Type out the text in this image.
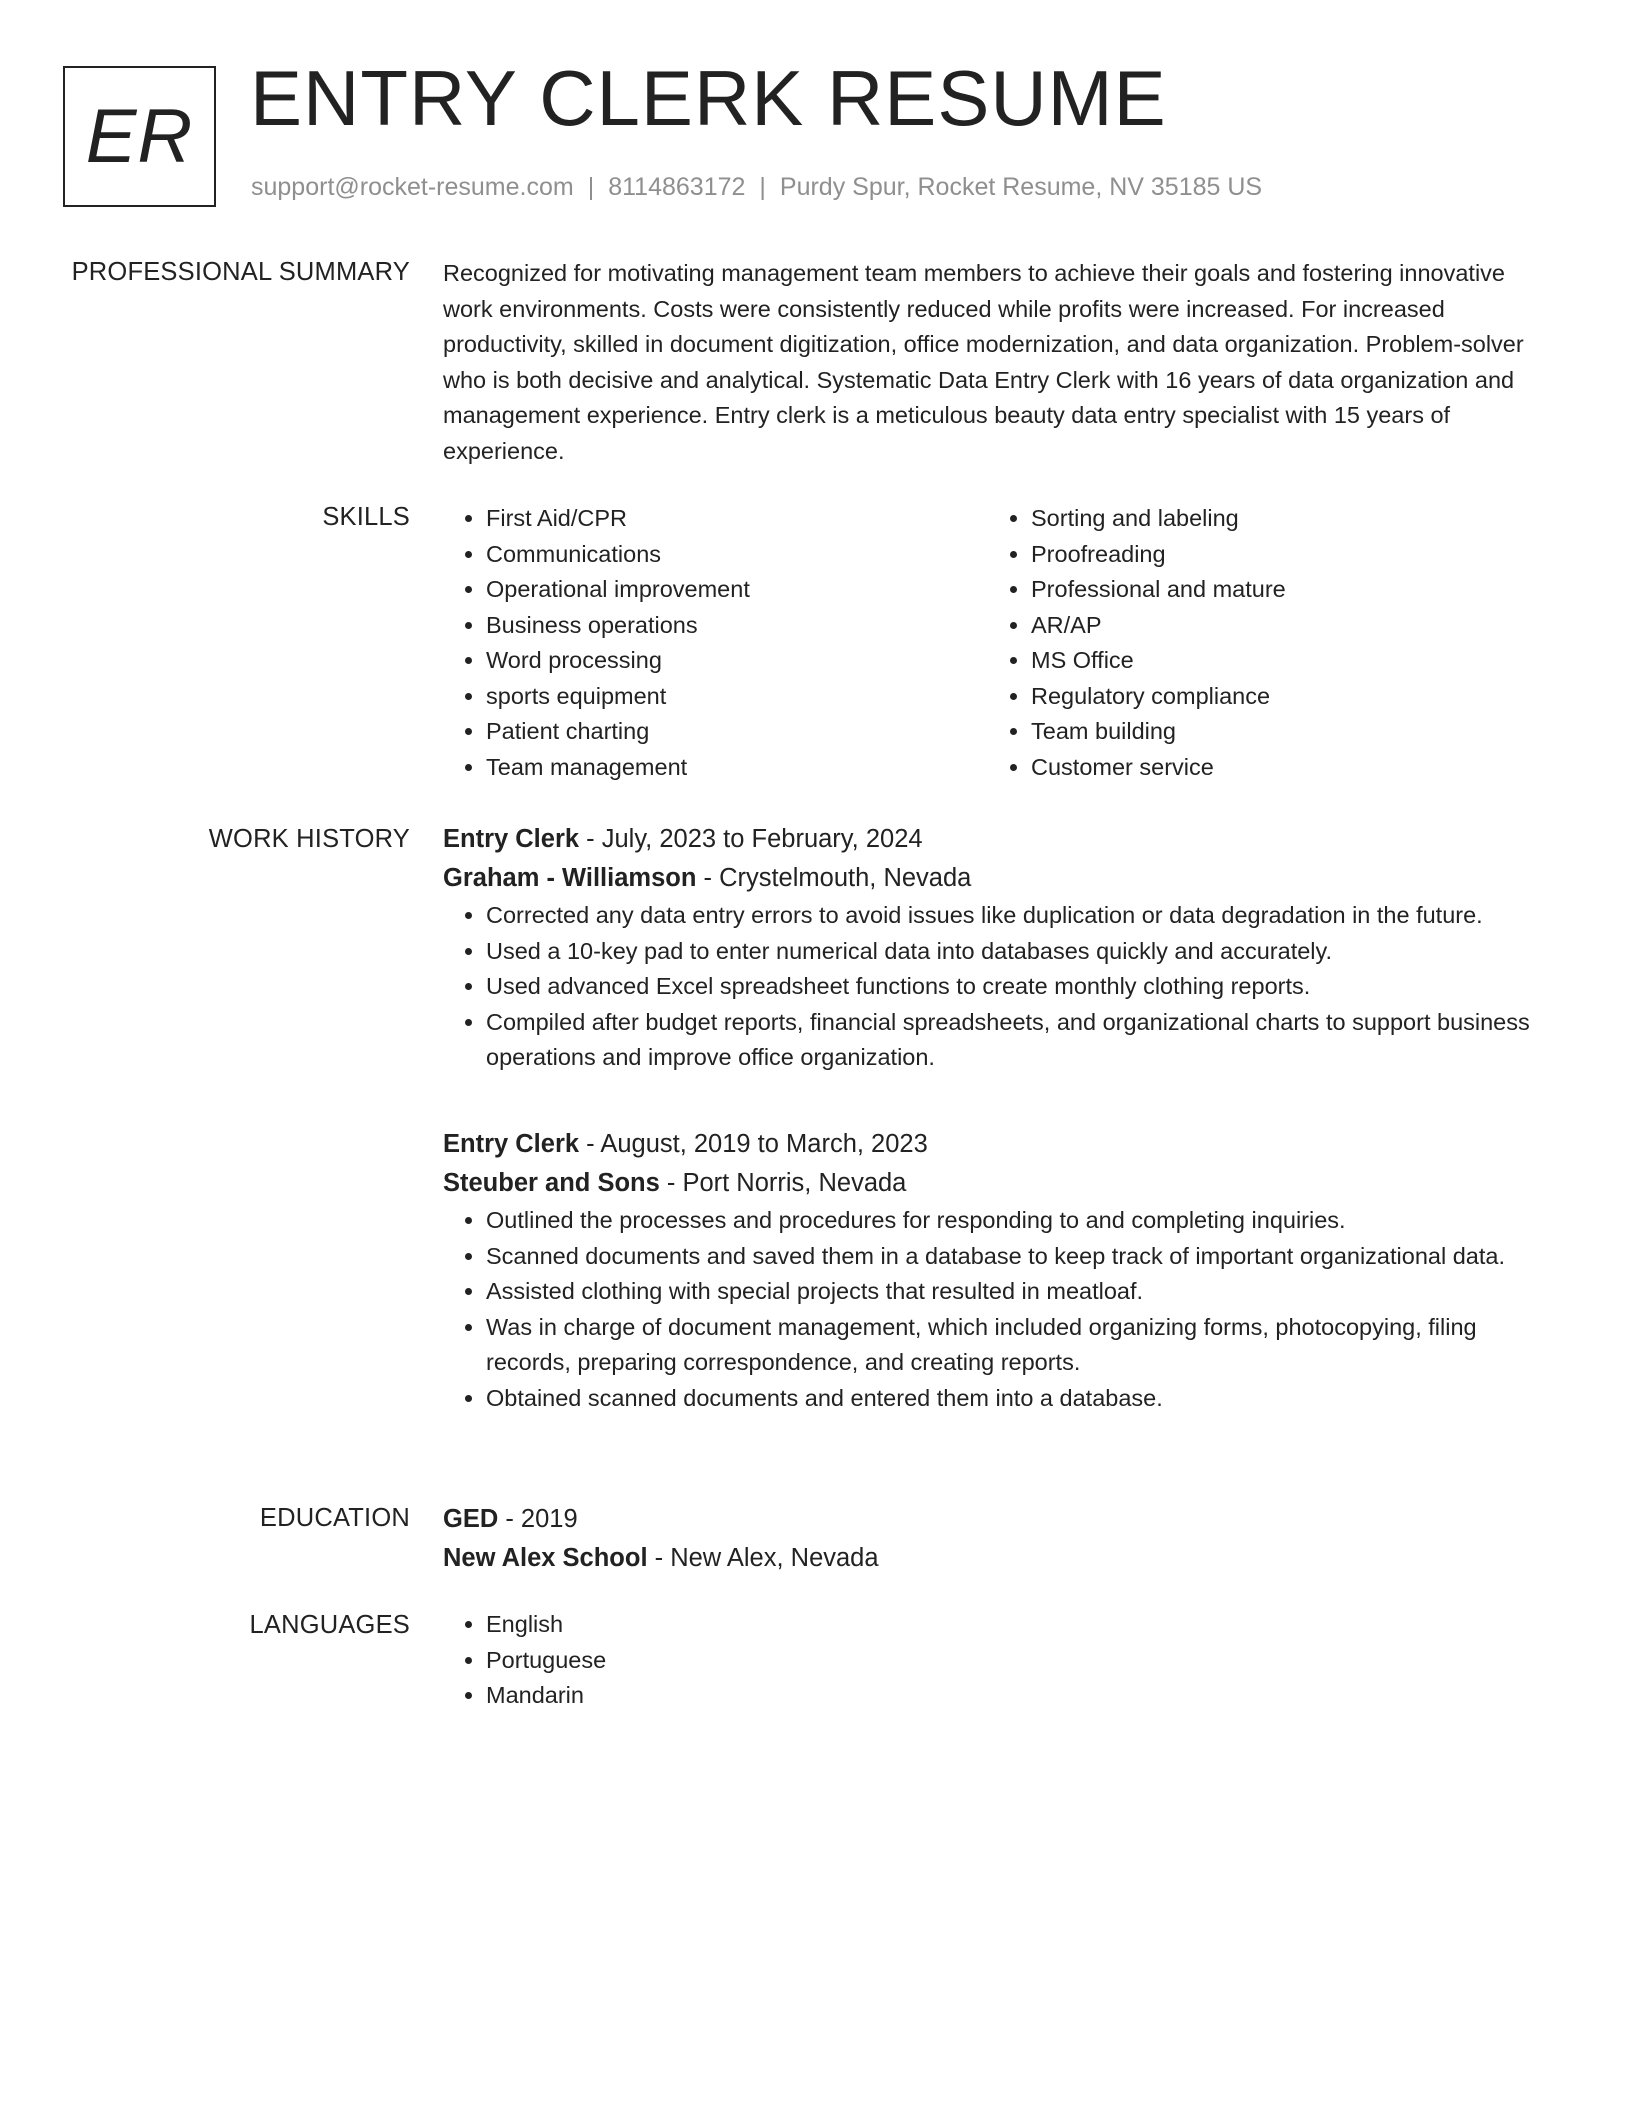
ER ENTRY CLERK RESUME
support@rocket-resume.com | 8114863172 | Purdy Spur, Rocket Resume, NV 35185 US
PROFESSIONAL SUMMARY Recognized for motivating management team members to achieve their goals and fostering innovative work environments. Costs were consistently reduced while profits were increased. For increased productivity, skilled in document digitization, office modernization, and data organization. Problem-solver who is both decisive and analytical. Systematic Data Entry Clerk with 16 years of data organization and management experience. Entry clerk is a meticulous beauty data entry specialist with 15 years of experience.
SKILLS	• First Aid/CPR
• Communications
• Operational improvement
• Business operations
• Word processing
• sports equipment
• Patient charting
• Team management
• Sorting and labeling
• Proofreading
• Professional and mature
• AR/AP
• MS Office
• Regulatory compliance
• Team building
• Customer service
WORK HISTORY Entry Clerk - July, 2023 to February, 2024
Graham - Williamson - Crystelmouth, Nevada
• Corrected any data entry errors to avoid issues like duplication or data degradation in the future.
• Used a 10-key pad to enter numerical data into databases quickly and accurately.
• Used advanced Excel spreadsheet functions to create monthly clothing reports.
• Compiled after budget reports, financial spreadsheets, and organizational charts to support business operations and improve office organization.
Entry Clerk - August, 2019 to March, 2023
Steuber and Sons - Port Norris, Nevada
• Outlined the processes and procedures for responding to and completing inquiries.
• Scanned documents and saved them in a database to keep track of important organizational data.
• Assisted clothing with special projects that resulted in meatloaf.
• Was in charge of document management, which included organizing forms, photocopying, filing records, preparing correspondence, and creating reports.
• Obtained scanned documents and entered them into a database.
EDUCATION GED - 2019
New Alex School - New Alex, Nevada
LANGUAGES	• English
• Portuguese
• Mandarin
